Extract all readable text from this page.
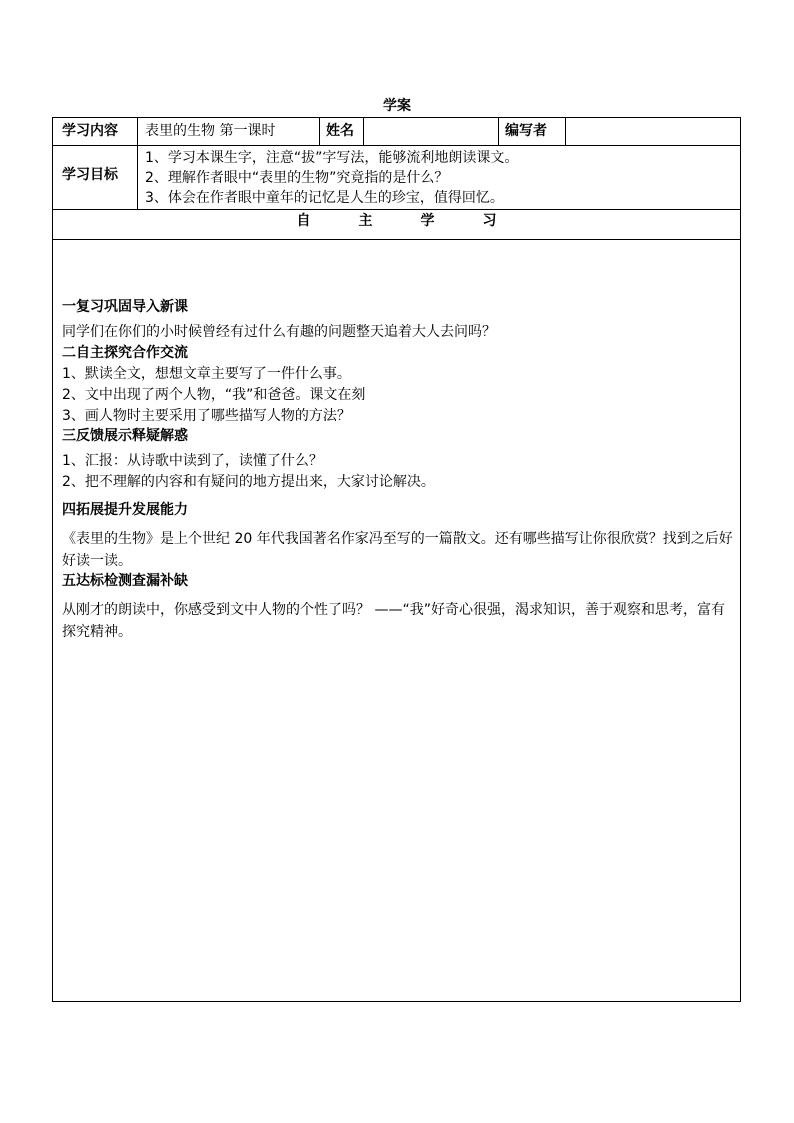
学案
学习内容 表里的生物 第一课时	姓名	编写者
学习目标
1、学习本课生字，注意“拔”字写法，能够流利地朗读课文。
2、理解作者眼中“表里的生物”究竟指的是什么？
3、体会在作者眼中童年的记忆是人生的珍宝，值得回忆。
自主学习
一复习巩固导入新课
同学们在你们的小时候曾经有过什么有趣的问题整天追着大人去问吗？
二自主探究合作交流
1、默读全文，想想文章主要写了一件什么事。
2、文中出现了两个人物，“我”和爸爸。课文在刻
3、画人物时主要采用了哪些描写人物的方法？
三反馈展示释疑解惑
1、汇报：从诗歌中读到了，读懂了什么？
2、把不理解的内容和有疑问的地方提出来，大家讨论解决。
四拓展提升发展能力
《表里的生物》是上个世纪 20 年代我国著名作家冯至写的一篇散文。还有哪些描写让你很欣赏？找到之后好好读一读。
五达标检测查漏补缺
从刚才的朗读中，你感受到文中人物的个性了吗？ ——“我”好奇心很强，渴求知识，善于观察和思考，富有探究精神。
